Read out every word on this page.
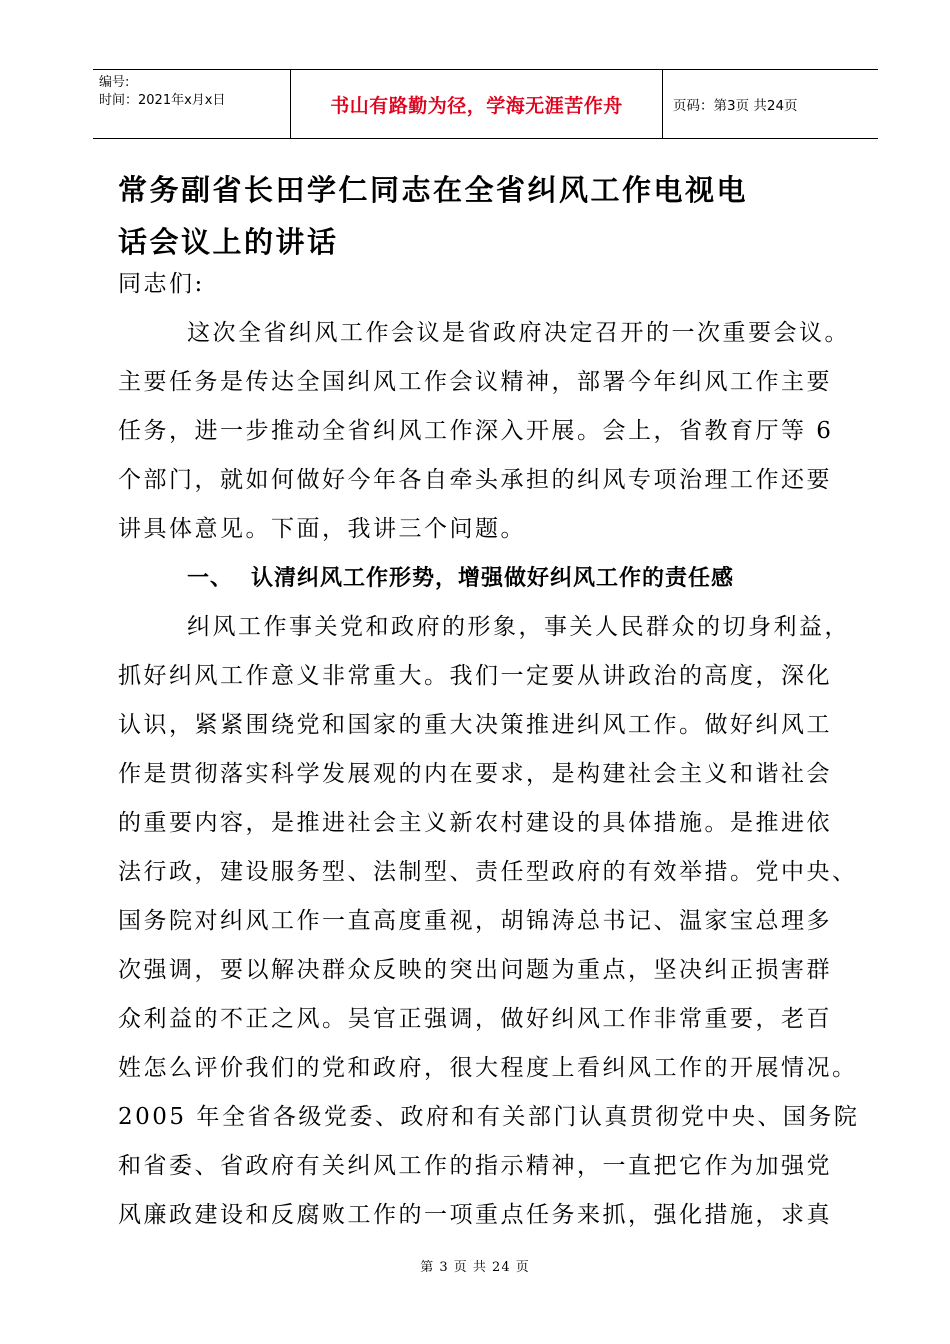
编号:
时间：2021年x月x日	书山有路勤为径，学海无涯苦作舟	页码：第3页 共24页
常务副省长田学仁同志在全省纠风工作电视电
话会议上的讲话
同志们:
这次全省纠风工作会议是省政府决定召开的一次重要会议。
主要任务是传达全国纠风工作会议精神，部署今年纠风工作主要
任务，进一步推动全省纠风工作深入开展。会上，省教育厅等 6
个部门，就如何做好今年各自牵头承担的纠风专项治理工作还要
讲具体意见。下面，我讲三个问题。
一、 认清纠风工作形势，增强做好纠风工作的责任感
纠风工作事关党和政府的形象，事关人民群众的切身利益，
抓好纠风工作意义非常重大。我们一定要从讲政治的高度，深化
认识，紧紧围绕党和国家的重大决策推进纠风工作。做好纠风工
作是贯彻落实科学发展观的内在要求，是构建社会主义和谐社会
的重要内容，是推进社会主义新农村建设的具体措施。是推进依
法行政，建设服务型、法制型、责任型政府的有效举措。党中央、
国务院对纠风工作一直高度重视，胡锦涛总书记、温家宝总理多
次强调，要以解决群众反映的突出问题为重点，坚决纠正损害群
众利益的不正之风。吴官正强调，做好纠风工作非常重要，老百
姓怎么评价我们的党和政府，很大程度上看纠风工作的开展情况。
2005 年全省各级党委、政府和有关部门认真贯彻党中央、国务院
和省委、省政府有关纠风工作的指示精神，一直把它作为加强党
风廉政建设和反腐败工作的一项重点任务来抓，强化措施，求真
第 3 页 共 24 页
